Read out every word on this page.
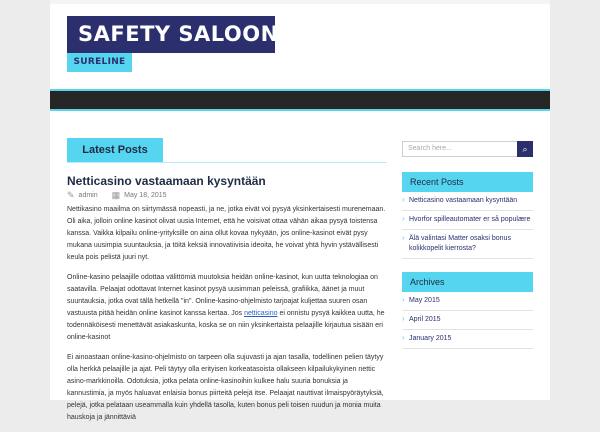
SAFETY SALOON
SURELINE
Latest Posts
Netticasino vastaamaan kysyntään
✎ admin ▦ May 18, 2015

Nettikasino maailma on siirtymässä nopeasti, ja ne, jotka eivät voi pysyä yksinkertaisesti murenemaan. Oli aika, jolloin online kasinot olivat uusia Internet, että he voisivat ottaa vähän aikaa pysyä toistensa kanssa. Vaikka kilpailu online-yrityksille on aina ollut kovaa nykyään, jos online-kasinot eivät pysy mukana uusimpia suuntauksia, ja töitä keksiä innovatiivisia ideoita, he voivat yhtä hyvin ystävällisesti keula pois pelistä juuri nyt.

Online-kasino pelaajille odottaa välittömiä muutoksia heidän online-kasinot, kun uutta teknologiaa on saatavilla. Pelaajat odottavat Internet kasinot pysyä uusimman peleissä, grafiikka, äänet ja muut suuntauksia, jotka ovat tällä hetkellä "in". Online-kasino-ohjelmisto tarjoajat kuljettaa suuren osan vastuusta pitää heidän online kasinot kanssa kertaa. Jos netticasino ei onnistu pysyä kaikkea uutta, he todennäköisesti menettävät asiakaskunta, koska se on niin yksinkertaista pelaajille kirjautua sisään eri online-kasinot

Ei ainoastaan online-kasino-ohjelmisto on tarpeen olla sujuvasti ja ajan tasalla, todellinen pelien täytyy olla herkkä pelaajille ja ajat. Peli täytyy olla erityisen korkeatasoista ollakseen kilpailukykyinen nettic asino-markkinoilla. Odotuksia, jotka pelata online-kasinoihin kulkee halu suuria bonuksia ja kannustimia, ja myös haluavat enlaisia bonus piirteitä pelejä itse. Pelaajat nauttivat ilmaispyöräytyksiä, pelejä, jotka pelataan useammalla kuin yhdellä tasolla, kuten bonus peli toisen ruudun ja monia muita hauskoja ja jännittäviä

Search here...	⌕
Recent Posts
› Netticasino vastaamaan kysyntään
› Hvorfor spilleautomater er så populære
› Älä valintasi Matter osaksi bonus kolikkopelit kierrosta?
Archives
› May 2015
› April 2015
› January 2015
